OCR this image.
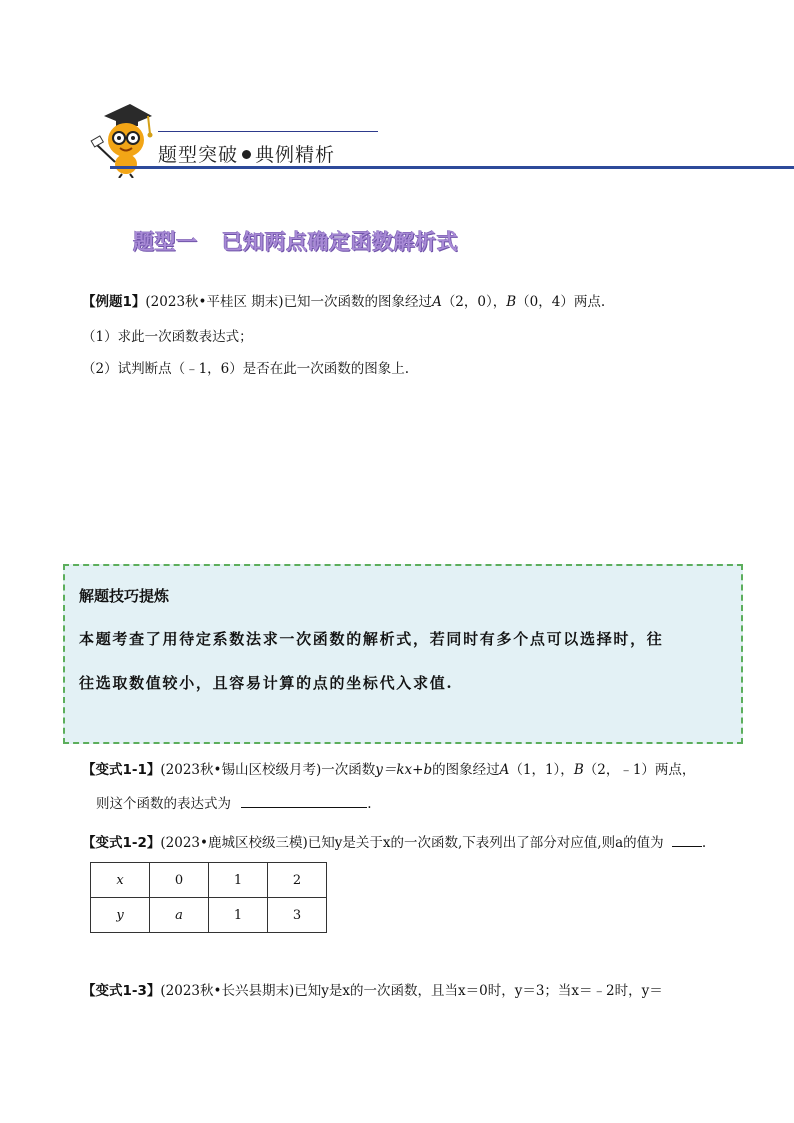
题型突破 典例精析
题型一 已知两点确定函数解析式
【例题1】(2023秋•平桂区 期末)已知一次函数的图象经过A（2，0），B（0，4）两点.
（1）求此一次函数表达式；
（2）试判断点（﹣1，6）是否在此一次函数的图象上.
解题技巧提炼
本题考查了用待定系数法求一次函数的解析式，若同时有多个点可以选择时，往
往选取数值较小，且容易计算的点的坐标代入求值.
【变式1-1】(2023秋•锡山区校级月考)一次函数y＝kx+b的图象经过A（1，1），B（2，﹣1）两点，
则这个函数的表达式为	.
【变式1-2】(2023•鹿城区校级三模)已知y是关于x的一次函数,下表列出了部分对应值,则a的值为	.
x	0	1	2
y	a	1	3
【变式1-3】(2023秋•长兴县期末)已知y是x的一次函数，且当x＝0时，y＝3；当x＝﹣2时，y＝
